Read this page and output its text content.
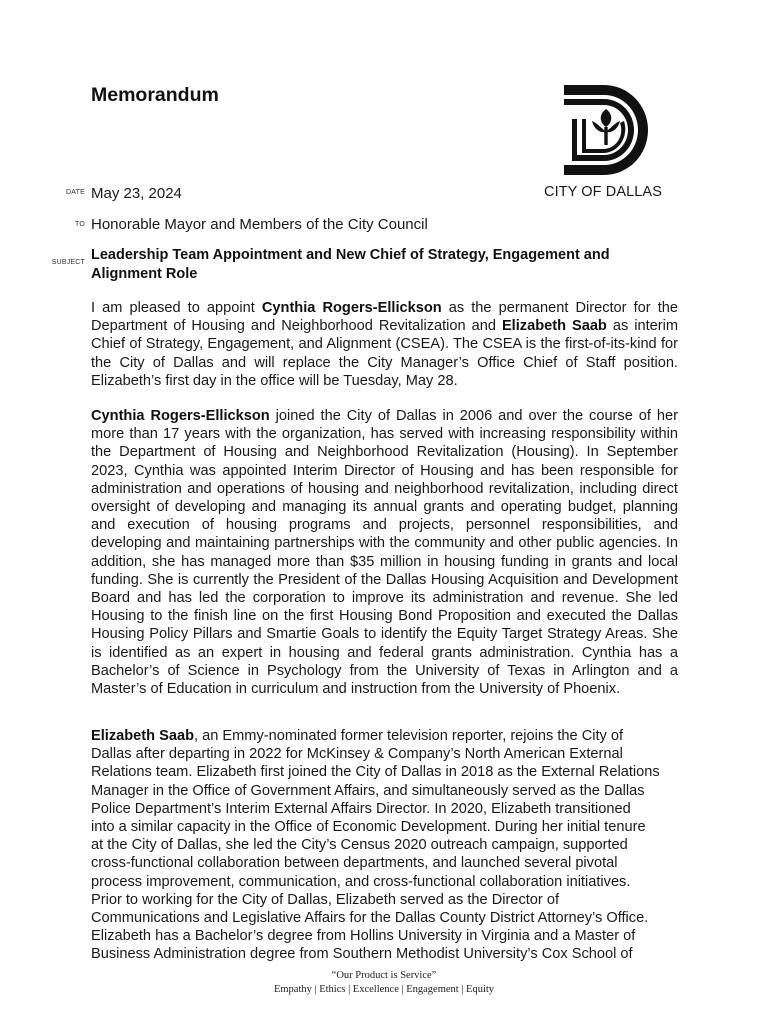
Memorandum
CITY OF DALLAS
DATE May 23, 2024
TO Honorable Mayor and Members of the City Council
SUBJECT Leadership Team Appointment and New Chief of Strategy, Engagement and
Alignment Role
I am pleased to appoint Cynthia Rogers-Ellickson as the permanent Director for the Department of Housing and Neighborhood Revitalization and Elizabeth Saab as interim Chief of Strategy, Engagement, and Alignment (CSEA). The CSEA is the first-of-its-kind for the City of Dallas and will replace the City Manager’s Office Chief of Staff position. Elizabeth’s first day in the office will be Tuesday, May 28.
Cynthia Rogers-Ellickson joined the City of Dallas in 2006 and over the course of her more than 17 years with the organization, has served with increasing responsibility within the Department of Housing and Neighborhood Revitalization (Housing). In September 2023, Cynthia was appointed Interim Director of Housing and has been responsible for administration and operations of housing and neighborhood revitalization, including direct oversight of developing and managing its annual grants and operating budget, planning and execution of housing programs and projects, personnel responsibilities, and developing and maintaining partnerships with the community and other public agencies. In addition, she has managed more than $35 million in housing funding in grants and local funding. She is currently the President of the Dallas Housing Acquisition and Development Board and has led the corporation to improve its administration and revenue. She led Housing to the finish line on the first Housing Bond Proposition and executed the Dallas Housing Policy Pillars and Smartie Goals to identify the Equity Target Strategy Areas. She is identified as an expert in housing and federal grants administration. Cynthia has a Bachelor’s of Science in Psychology from the University of Texas in Arlington and a Master’s of Education in curriculum and instruction from the University of Phoenix.
Elizabeth Saab, an Emmy-nominated former television reporter, rejoins the City of
Dallas after departing in 2022 for McKinsey & Company’s North American External
Relations team. Elizabeth first joined the City of Dallas in 2018 as the External Relations
Manager in the Office of Government Affairs, and simultaneously served as the Dallas
Police Department’s Interim External Affairs Director. In 2020, Elizabeth transitioned
into a similar capacity in the Office of Economic Development. During her initial tenure
at the City of Dallas, she led the City’s Census 2020 outreach campaign, supported
cross-functional collaboration between departments, and launched several pivotal
process improvement, communication, and cross-functional collaboration initiatives.
Prior to working for the City of Dallas, Elizabeth served as the Director of
Communications and Legislative Affairs for the Dallas County District Attorney’s Office.
Elizabeth has a Bachelor’s degree from Hollins University in Virginia and a Master of
Business Administration degree from Southern Methodist University’s Cox School of
“Our Product is Service”
Empathy | Ethics | Excellence | Engagement | Equity
